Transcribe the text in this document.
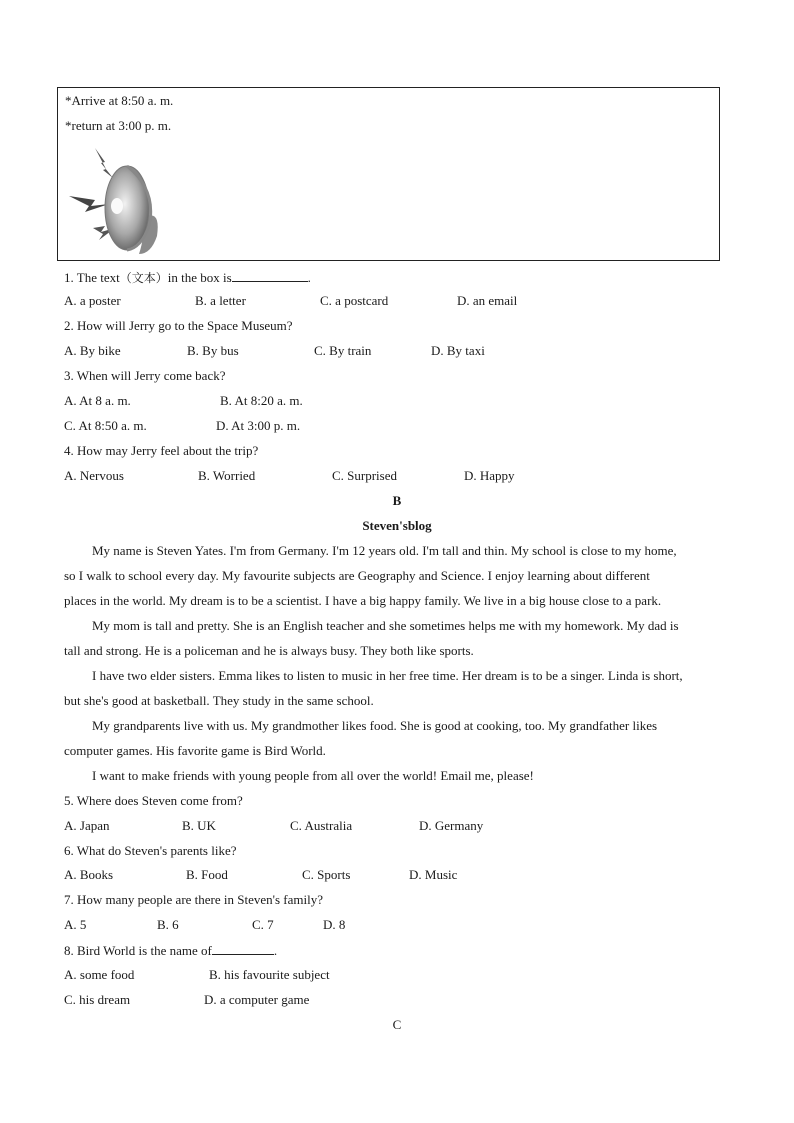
*Arrive at 8:50 a. m.
*return at 3:00 p. m.
1. The text（文本）in the box is	.
A. a poster	B. a letter	C. a postcard	D. an email
2. How will Jerry go to the Space Museum?
A. By bike	B. By bus	C. By train	D. By taxi
3. When will Jerry come back?
A. At 8 a. m.	B. At 8:20 a. m.
C. At 8:50 a. m.	D. At 3:00 p. m.
4. How may Jerry feel about the trip?
A. Nervous	B. Worried	C. Surprised	D. Happy
B
Steven'sblog
My name is Steven Yates. I'm from Germany. I'm 12 years old. I'm tall and thin. My school is close to my home,
so I walk to school every day. My favourite subjects are Geography and Science. I enjoy learning about different
places in the world. My dream is to be a scientist. I have a big happy family. We live in a big house close to a park.
My mom is tall and pretty. She is an English teacher and she sometimes helps me with my homework. My dad is
tall and strong. He is a policeman and he is always busy. They both like sports.
I have two elder sisters. Emma likes to listen to music in her free time. Her dream is to be a singer. Linda is short,
but she's good at basketball. They study in the same school.
My grandparents live with us. My grandmother likes food. She is good at cooking, too. My grandfather likes
computer games. His favorite game is Bird World.
I want to make friends with young people from all over the world! Email me, please!
5. Where does Steven come from?
A. Japan	B. UK	C. Australia	D. Germany
6. What do Steven's parents like?
A. Books	B. Food	C. Sports	D. Music
7. How many people are there in Steven's family?
A. 5	B. 6	C. 7	D. 8
8. Bird World is the name of	.
A. some food	B. his favourite subject
C. his dream	D. a computer game
C
